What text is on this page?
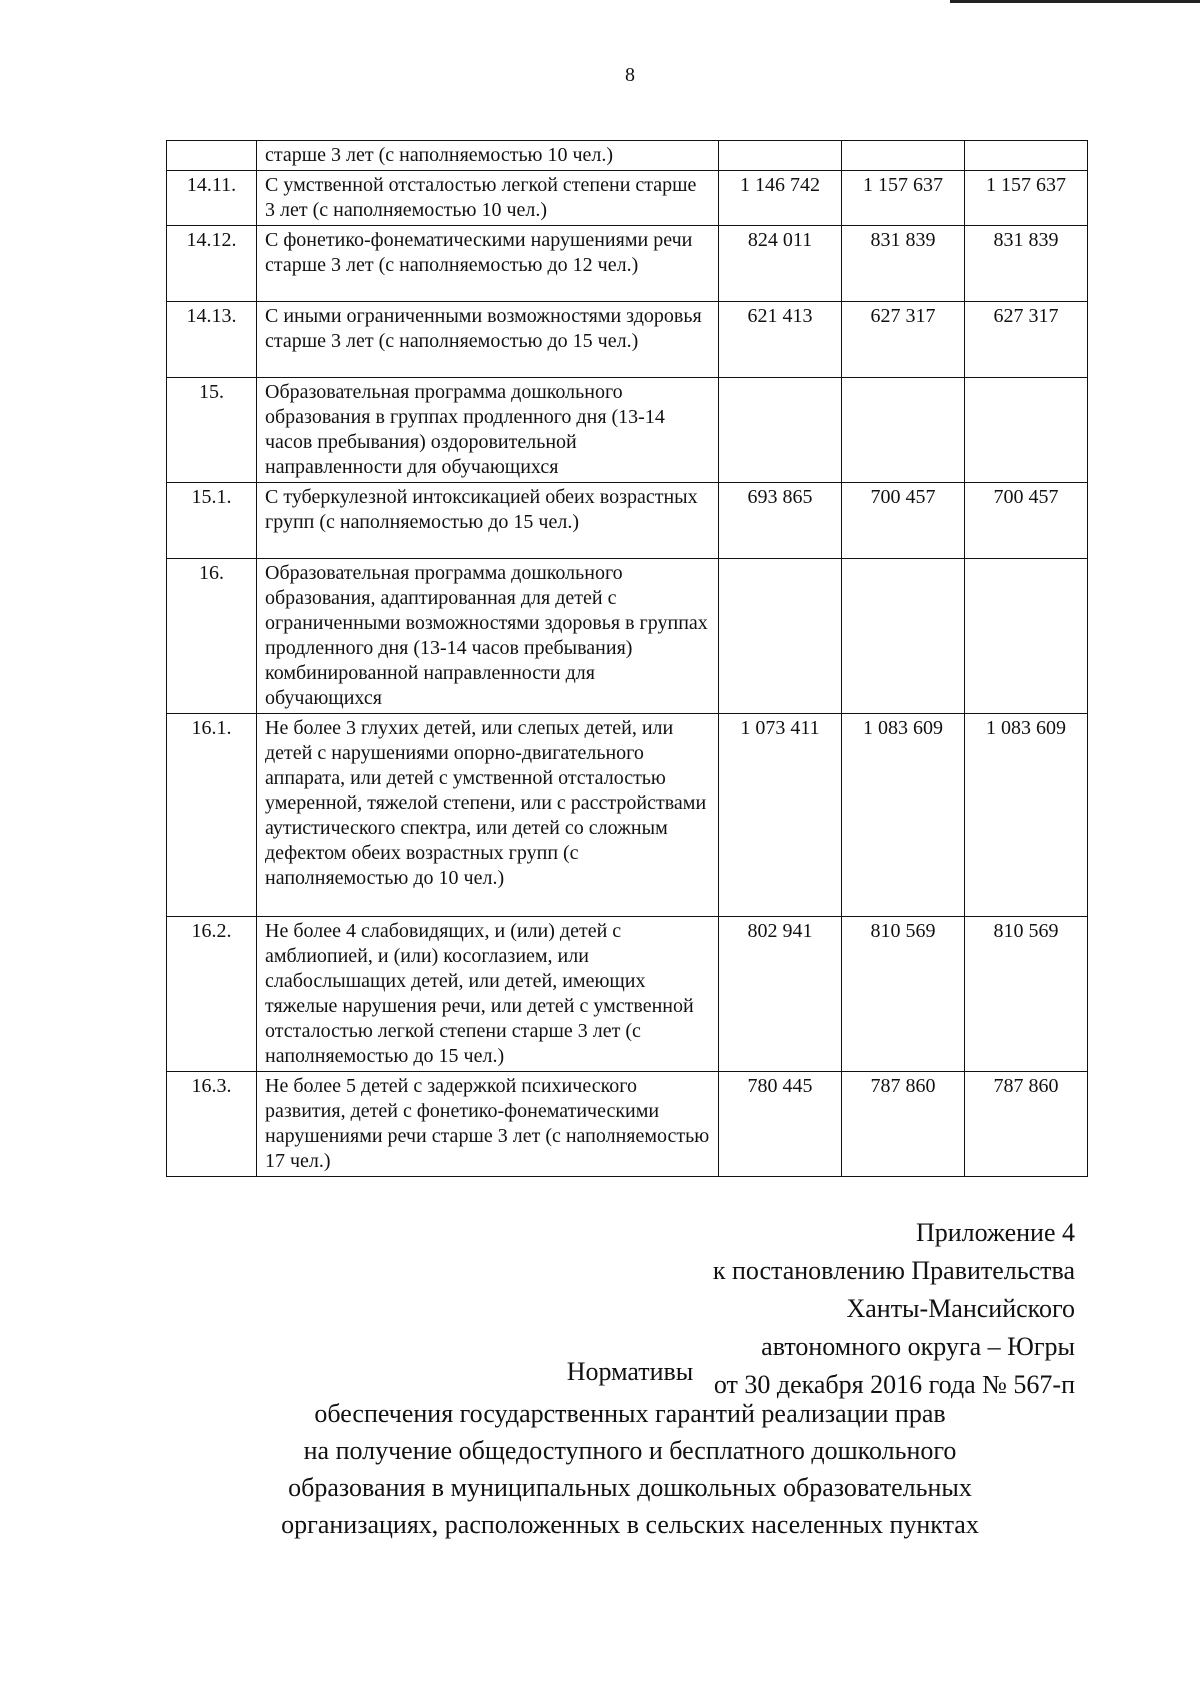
8
	старше 3 лет (с наполняемостью 10 чел.)			
14.11.	С умственной отсталостью легкой степени старше 3 лет (с наполняемостью 10 чел.)	1 146 742	1 157 637	1 157 637
14.12.	С фонетико-фонематическими нарушениями речи старше 3 лет (с наполняемостью до 12 чел.)	824 011	831 839	831 839
14.13.	С иными ограниченными возможностями здоровья старше 3 лет (с наполняемостью до 15 чел.)	621 413	627 317	627 317
15.	Образовательная программа дошкольного образования в группах продленного дня (13-14 часов пребывания) оздоровительной направленности для обучающихся			
15.1.	С туберкулезной интоксикацией обеих возрастных групп (с наполняемостью до 15 чел.)	693 865	700 457	700 457
16.	Образовательная программа дошкольного образования, адаптированная для детей с ограниченными возможностями здоровья в группах продленного дня (13-14 часов пребывания) комбинированной направленности для обучающихся			
16.1.	Не более 3 глухих детей, или слепых детей, или детей с нарушениями опорно-двигательного аппарата, или детей с умственной отсталостью умеренной, тяжелой степени, или с расстройствами аутистического спектра, или детей со сложным дефектом обеих возрастных групп (с наполняемостью до 10 чел.)	1 073 411	1 083 609	1 083 609
16.2.	Не более 4 слабовидящих, и (или) детей с амблиопией, и (или) косоглазием, или слабослышащих детей, или детей, имеющих тяжелые нарушения речи, или детей с умственной отсталостью легкой степени старше 3 лет (с наполняемостью до 15 чел.)	802 941	810 569	810 569
16.3.	Не более 5 детей с задержкой психического развития, детей с фонетико-фонематическими нарушениями речи старше 3 лет (с наполняемостью 17 чел.)	780 445	787 860	787 860
Приложение 4
к постановлению Правительства
Ханты-Мансийского
автономного округа – Югры
от 30 декабря 2016 года № 567-п
Нормативы
обеспечения государственных гарантий реализации прав
на получение общедоступного и бесплатного дошкольного
образования в муниципальных дошкольных образовательных
организациях, расположенных в сельских населенных пунктах
